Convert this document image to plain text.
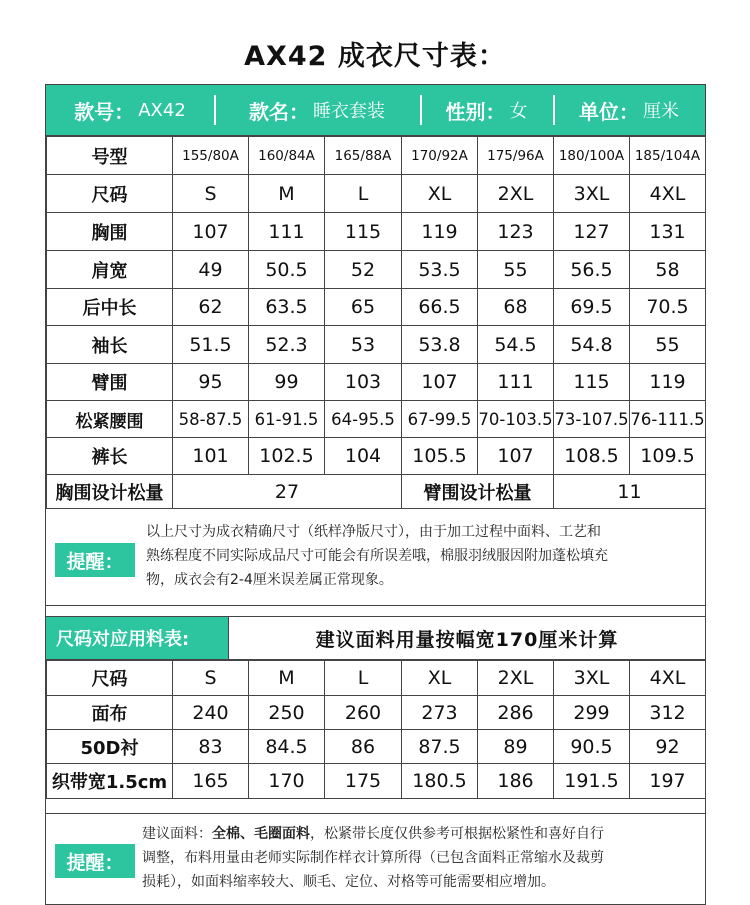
AX42 成衣尺寸表：
款号： AX42	款名： 睡衣套装	性别： 女	单位： 厘米
号型	155/80A	160/84A	165/88A	170/92A	175/96A	180/100A	185/104A
尺码	S	M	L	XL	2XL	3XL	4XL
胸围	107	111	115	119	123	127	131
肩宽	49	50.5	52	53.5	55	56.5	58
后中长	62	63.5	65	66.5	68	69.5	70.5
袖长	51.5	52.3	53	53.8	54.5	54.8	55
臂围	95	99	103	107	111	115	119
松紧腰围	58-87.5	61-91.5	64-95.5	67-99.5	70-103.5	73-107.5	76-111.5
裤长	101	102.5	104	105.5	107	108.5	109.5
胸围设计松量	27			臂围设计松量		11	
提醒：
以上尺寸为成衣精确尺寸（纸样净版尺寸），由于加工过程中面料、工艺和
熟练程度不同实际成品尺寸可能会有所误差哦，棉服羽绒服因附加蓬松填充
物，成衣会有2-4厘米误差属正常现象。
尺码对应用料表:	建议面料用量按幅宽170厘米计算
尺码	S	M	L	XL	2XL	3XL	4XL
面布	240	250	260	273	286	299	312
50D衬	83	84.5	86	87.5	89	90.5	92
织带宽1.5cm	165	170	175	180.5	186	191.5	197
提醒：
建议面料：全棉、毛圈面料，松紧带长度仅供参考可根据松紧性和喜好自行
调整，布料用量由老师实际制作样衣计算所得（已包含面料正常缩水及裁剪
损耗），如面料缩率较大、顺毛、定位、对格等可能需要相应增加。
